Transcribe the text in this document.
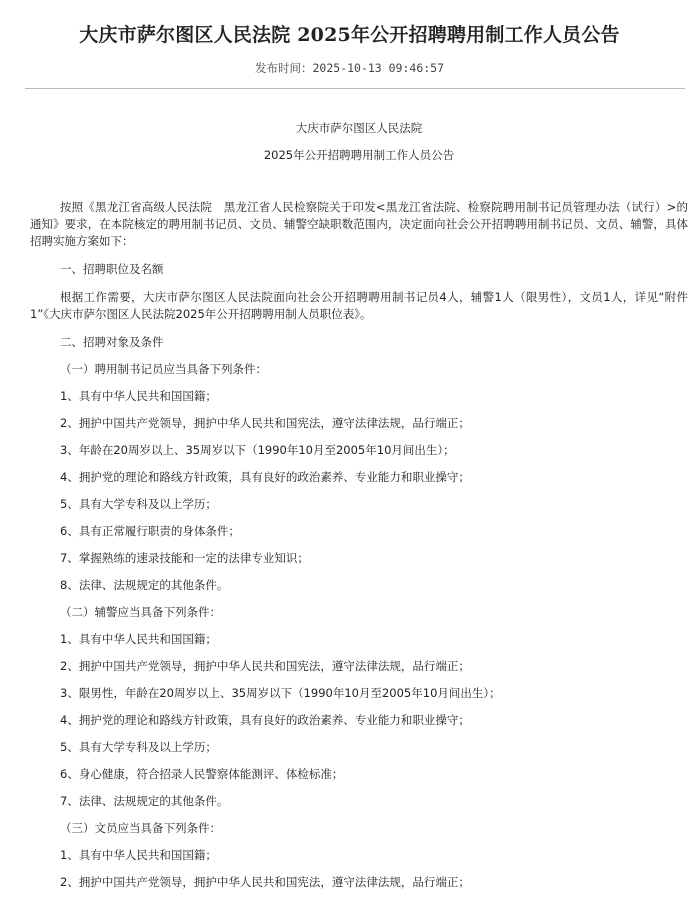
大庆市萨尔图区人民法院 2025年公开招聘聘用制工作人员公告
发布时间：2025-10-13 09:46:57

大庆市萨尔图区人民法院

2025年公开招聘聘用制工作人员公告

按照《黑龙江省高级人民法院　黑龙江省人民检察院关于印发<黑龙江省法院、检察院聘用制书记员管理办法（试行）>的通知》要求，在本院核定的聘用制书记员、文员、辅警空缺职数范围内，决定面向社会公开招聘聘用制书记员、文员、辅警，具体招聘实施方案如下：

一、招聘职位及名额

根据工作需要，大庆市萨尔图区人民法院面向社会公开招聘聘用制书记员4人，辅警1人（限男性），文员1人，详见“附件1”《大庆市萨尔图区人民法院2025年公开招聘聘用制人员职位表》。

二、招聘对象及条件

（一）聘用制书记员应当具备下列条件：

1、具有中华人民共和国国籍；

2、拥护中国共产党领导，拥护中华人民共和国宪法，遵守法律法规，品行端正；

3、年龄在20周岁以上、35周岁以下（1990年10月至2005年10月间出生）；

4、拥护党的理论和路线方针政策，具有良好的政治素养、专业能力和职业操守；

5、具有大学专科及以上学历；

6、具有正常履行职责的身体条件；

7、掌握熟练的速录技能和一定的法律专业知识；

8、法律、法规规定的其他条件。

（二）辅警应当具备下列条件：

1、具有中华人民共和国国籍；

2、拥护中国共产党领导，拥护中华人民共和国宪法，遵守法律法规，品行端正；

3、限男性，年龄在20周岁以上、35周岁以下（1990年10月至2005年10月间出生）；

4、拥护党的理论和路线方针政策，具有良好的政治素养、专业能力和职业操守；

5、具有大学专科及以上学历；

6、身心健康，符合招录人民警察体能测评、体检标准；

7、法律、法规规定的其他条件。

（三）文员应当具备下列条件：

1、具有中华人民共和国国籍；

2、拥护中国共产党领导，拥护中华人民共和国宪法，遵守法律法规，品行端正；
